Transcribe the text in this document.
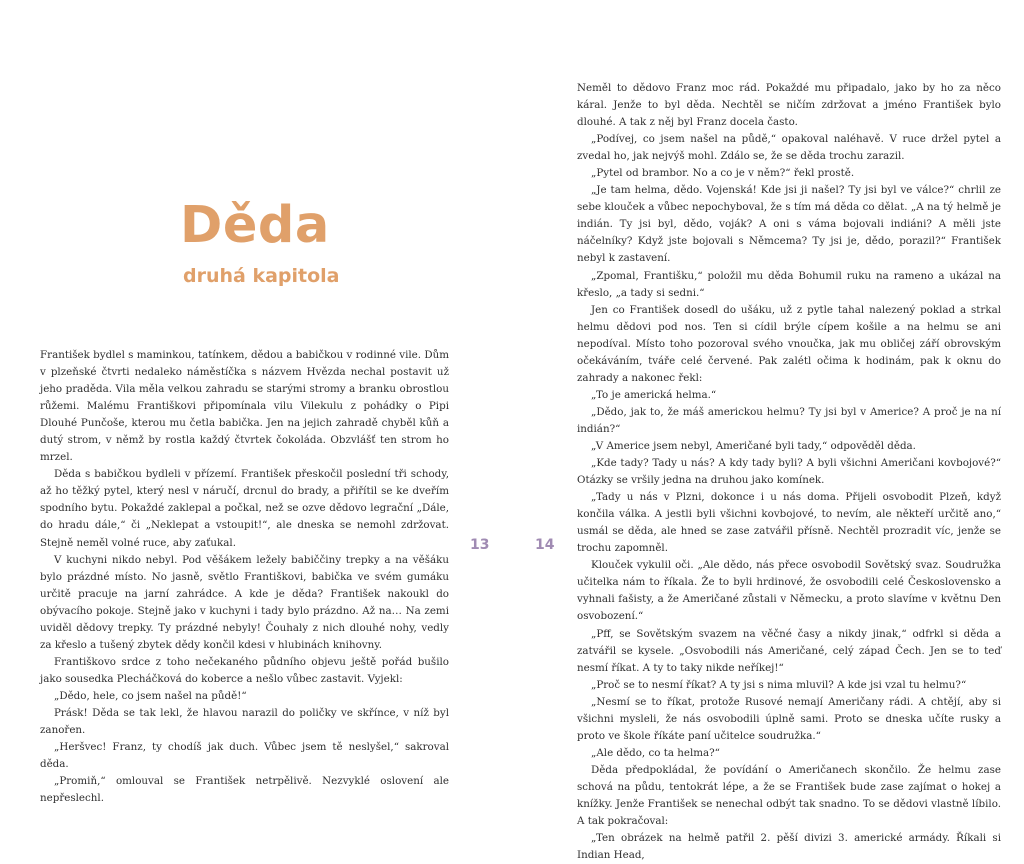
Děda
druhá kapitola

František bydlel s maminkou, tatínkem, dědou a babičkou v rodinné vile. Dům v plzeňské čtvrti nedaleko náměstíčka s názvem Hvězda nechal postavit už jeho praděda. Vila měla velkou zahradu se starými stromy a branku obrostlou růžemi. Malému Františkovi připomínala vilu Vilekulu z pohádky o Pipi Dlouhé Punčoše, kterou mu četla babička. Jen na jejich zahradě chyběl kůň a dutý strom, v němž by rostla každý čtvrtek čokoláda. Obzvlášť ten strom ho mrzel.

Děda s babičkou bydleli v přízemí. František přeskočil poslední tři schody, až ho těžký pytel, který nesl v náručí, drcnul do brady, a přiřítil se ke dveřím spodního bytu. Pokaždé zaklepal a počkal, než se ozve dědovo legrační „Dále, do hradu dále,“ či „Neklepat a vstoupit!“, ale dneska se nemohl zdržovat. Stejně neměl volné ruce, aby zaťukal.

V kuchyni nikdo nebyl. Pod věšákem ležely babiččiny trepky a na věšáku bylo prázdné místo. No jasně, světlo Františkovi, babička ve svém gumáku určitě pracuje na jarní zahrádce. A kde je děda? František nakoukl do obývacího pokoje. Stejně jako v kuchyni i tady bylo prázdno. Až na… Na zemi uviděl dědovy trepky. Ty prázdné nebyly! Čouhaly z nich dlouhé nohy, vedly za křeslo a tušený zbytek dědy končil kdesi v hlubinách knihovny.

Františkovo srdce z toho nečekaného půdního objevu ještě pořád bušilo jako sousedka Plecháčková do koberce a nešlo vůbec zastavit. Vyjekl:

„Dědo, hele, co jsem našel na půdě!“

Prásk! Děda se tak lekl, že hlavou narazil do poličky ve skřínce, v níž byl zanořen.

„Heršvec! Franz, ty chodíš jak duch. Vůbec jsem tě neslyšel,“ sakroval děda.

„Promiň,“ omlouval se František netrpělivě. Nezvyklé oslovení ale nepřeslechl.

13	14

Neměl to dědovo Franz moc rád. Pokaždé mu připadalo, jako by ho za něco káral. Jenže to byl děda. Nechtěl se ničím zdržovat a jméno František bylo dlouhé. A tak z něj byl Franz docela často.

„Podívej, co jsem našel na půdě,“ opakoval naléhavě. V ruce držel pytel a zvedal ho, jak nejvýš mohl. Zdálo se, že se děda trochu zarazil.

„Pytel od brambor. No a co je v něm?“ řekl prostě.

„Je tam helma, dědo. Vojenská! Kde jsi ji našel? Ty jsi byl ve válce?“ chrlil ze sebe klouček a vůbec nepochyboval, že s tím má děda co dělat. „A na tý helmě je indián. Ty jsi byl, dědo, voják? A oni s váma bojovali indiáni? A měli jste náčelníky? Když jste bojovali s Němcema? Ty jsi je, dědo, porazil?“ František nebyl k zastavení.

„Zpomal, Františku,“ položil mu děda Bohumil ruku na rameno a ukázal na křeslo, „a tady si sedni.“

Jen co František dosedl do ušáku, už z pytle tahal nalezený poklad a strkal helmu dědovi pod nos. Ten si cídil brýle cípem košile a na helmu se ani nepodíval. Místo toho pozoroval svého vnoučka, jak mu obličej září obrovským očekáváním, tváře celé červené. Pak zalétl očima k hodinám, pak k oknu do zahrady a nakonec řekl:

„To je americká helma.“

„Dědo, jak to, že máš americkou helmu? Ty jsi byl v Americe? A proč je na ní indián?“

„V Americe jsem nebyl, Američané byli tady,“ odpověděl děda.

„Kde tady? Tady u nás? A kdy tady byli? A byli všichni Američani kovbojové?“ Otázky se vršily jedna na druhou jako komínek.

„Tady u nás v Plzni, dokonce i u nás doma. Přijeli osvobodit Plzeň, když končila válka. A jestli byli všichni kovbojové, to nevím, ale někteří určitě ano,“ usmál se děda, ale hned se zase zatvářil přísně. Nechtěl prozradit víc, jenže se trochu zapomněl.

Klouček vykulil oči. „Ale dědo, nás přece osvobodil Sovětský svaz. Soudružka učitelka nám to říkala. Že to byli hrdinové, že osvobodili celé Československo a vyhnali fašisty, a že Američané zůstali v Německu, a proto slavíme v květnu Den osvobození.“

„Pff, se Sovětským svazem na věčné časy a nikdy jinak,“ odfrkl si děda a zatvářil se kysele. „Osvobodili nás Američané, celý západ Čech. Jen se to teď nesmí říkat. A ty to taky nikde neříkej!“

„Proč se to nesmí říkat? A ty jsi s nima mluvil? A kde jsi vzal tu helmu?“

„Nesmí se to říkat, protože Rusové nemají Američany rádi. A chtějí, aby si všichni mysleli, že nás osvobodili úplně sami. Proto se dneska učíte rusky a proto ve škole říkáte paní učitelce soudružka.“

„Ale dědo, co ta helma?“

Děda předpokládal, že povídání o Američanech skončilo. Že helmu zase schová na půdu, tentokrát lépe, a že se František bude zase zajímat o hokej a knížky. Jenže František se nenechal odbýt tak snadno. To se dědovi vlastně líbilo. A tak pokračoval:

„Ten obrázek na helmě patřil 2. pěší divizi 3. americké armády. Říkali si Indian Head,
